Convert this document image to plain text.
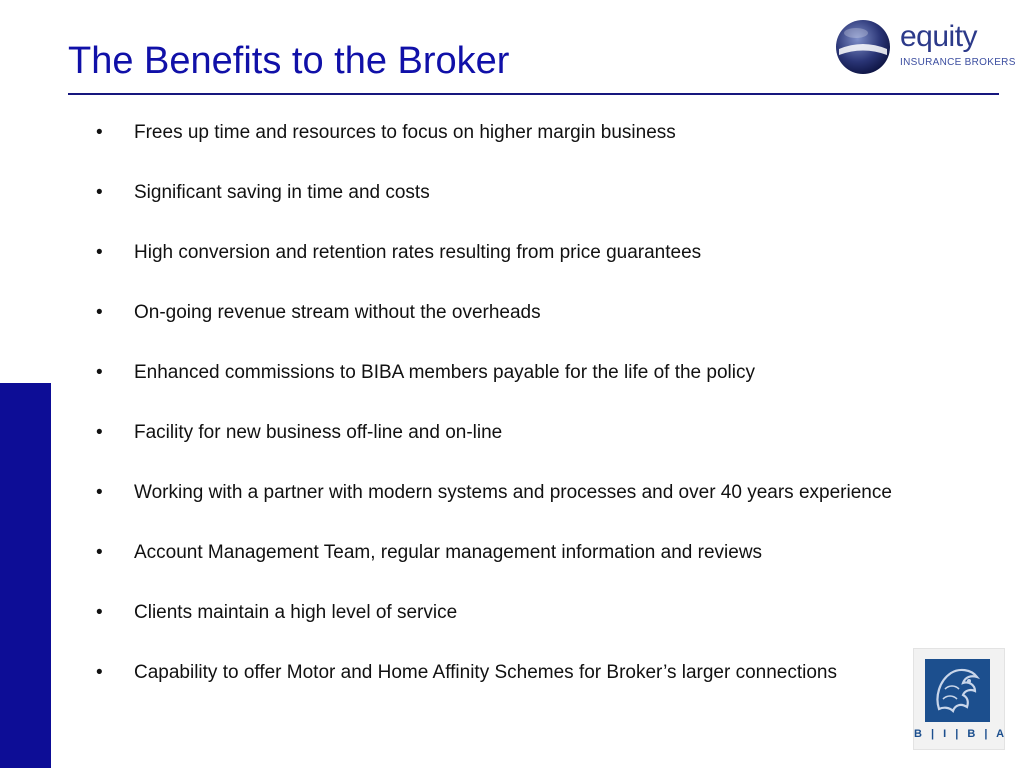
The Benefits to the Broker
equity
INSURANCE BROKERS
•	Frees up time and resources to focus on higher margin business
•	Significant saving in time and costs
•	High conversion and retention rates resulting from price guarantees
•	On-going revenue stream without the overheads
•	Enhanced commissions to BIBA members payable for the life of the policy
•	Facility for new business off-line and on-line
•	Working with a partner with modern systems and processes and over 40 years experience
•	Account Management Team, regular management information and reviews
•	Clients maintain a high level of service
•	Capability to offer Motor and Home Affinity Schemes for Broker’s larger connections
B | I | B | A
